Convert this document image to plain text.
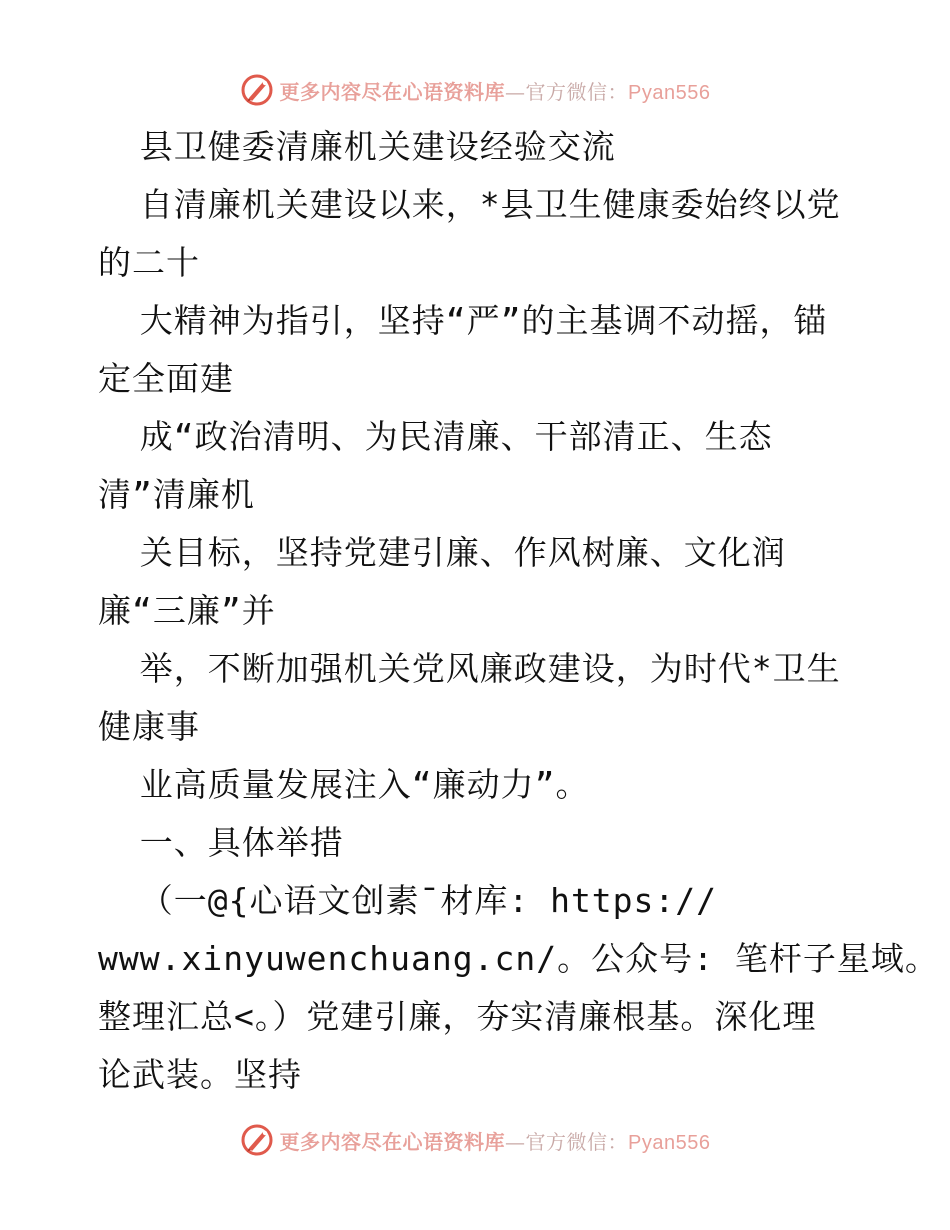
更多内容尽在心语资料库—官方微信：Pyan556
县卫健委清廉机关建设经验交流
自清廉机关建设以来，*县卫生健康委始终以党
的二十
大精神为指引，坚持“严”的主基调不动摇，锚
定全面建
成“政治清明、为民清廉、干部清正、生态
清”清廉机
关目标，坚持党建引廉、作风树廉、文化润
廉“三廉”并
举，不断加强机关党风廉政建设，为时代*卫生
健康事
业高质量发展注入“廉动力”。
一、具体举措
（一@{心语文创素¯材库: https://
www.xinyuwenchuang.cn/。公众号: 笔杆子星域。
整理汇总<。）党建引廉，夯实清廉根基。深化理
论武装。坚持
更多内容尽在心语资料库—官方微信：Pyan556
